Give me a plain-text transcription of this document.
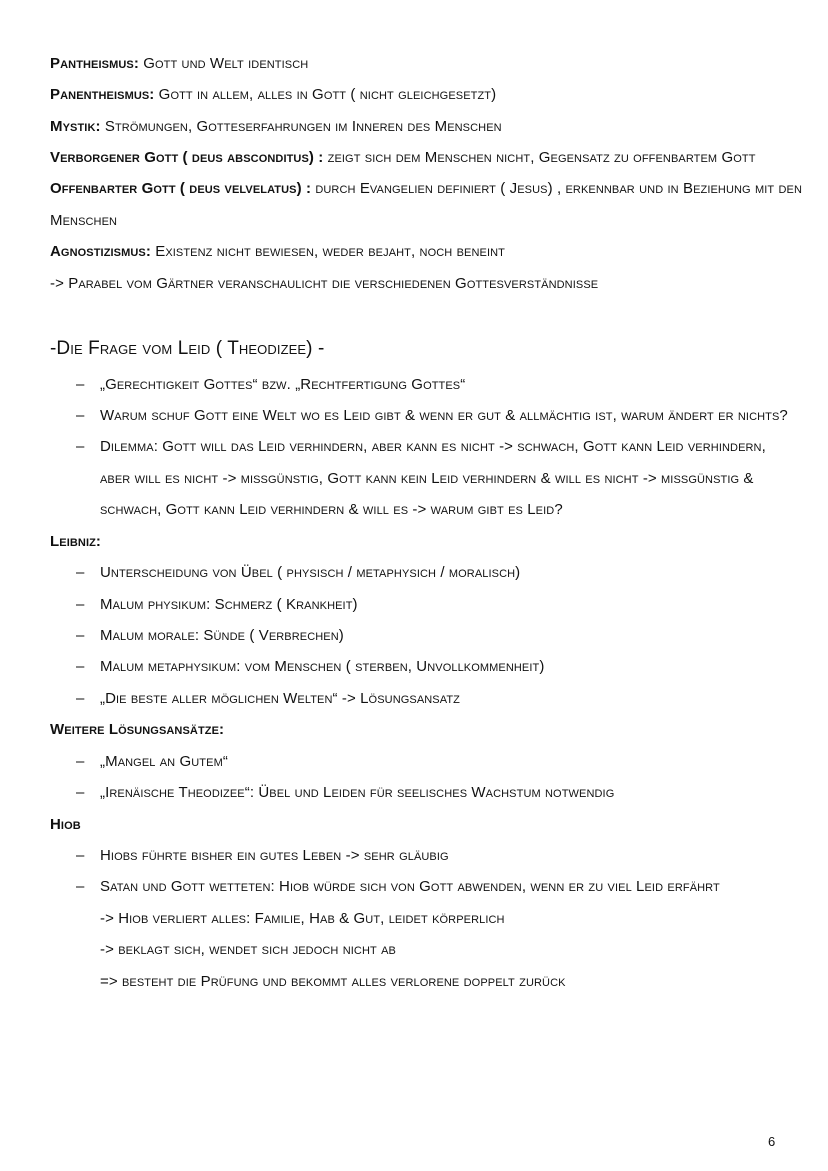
Pantheismus: Gott und Welt identisch
Panentheismus: Gott in allem, alles in Gott ( nicht gleichgesetzt)
Mystik: Strömungen, Gotteserfahrungen im Inneren des Menschen
Verborgener Gott ( deus absconditus) : zeigt sich dem Menschen nicht, Gegensatz zu offenbartem Gott
Offenbarter Gott ( deus velvelatus) : durch Evangelien definiert ( Jesus) , erkennbar und in Beziehung mit den
Menschen
Agnostizismus: Existenz nicht bewiesen, weder bejaht, noch beneint
-> Parabel vom Gärtner veranschaulicht die verschiedenen Gottesverständnisse
-Die Frage vom Leid ( Theodizee) -
– „Gerechtigkeit Gottes“ bzw. „Rechtfertigung Gottes“
– Warum schuf Gott eine Welt wo es Leid gibt & wenn er gut & allmächtig ist, warum ändert er nichts?
– Dilemma: Gott will das Leid verhindern, aber kann es nicht -> schwach, Gott kann Leid verhindern,
aber will es nicht -> missgünstig, Gott kann kein Leid verhindern & will es nicht -> missgünstig &
schwach, Gott kann Leid verhindern & will es -> warum gibt es Leid?
Leibniz:
– Unterscheidung von Übel ( physisch / metaphysich / moralisch)
– Malum physikum: Schmerz ( Krankheit)
– Malum morale: Sünde ( Verbrechen)
– Malum metaphysikum: vom Menschen ( sterben, Unvollkommenheit)
– „Die beste aller möglichen Welten“ -> Lösungsansatz
Weitere Lösungsansätze:
– „Mangel an Gutem“
– „Irenäische Theodizee“: Übel und Leiden für seelisches Wachstum notwendig
Hiob
– Hiobs führte bisher ein gutes Leben -> sehr gläubig
– Satan und Gott wetteten: Hiob würde sich von Gott abwenden, wenn er zu viel Leid erfährt
-> Hiob verliert alles: Familie, Hab & Gut, leidet körperlich
-> beklagt sich, wendet sich jedoch nicht ab
=> besteht die Prüfung und bekommt alles verlorene doppelt zurück
6
